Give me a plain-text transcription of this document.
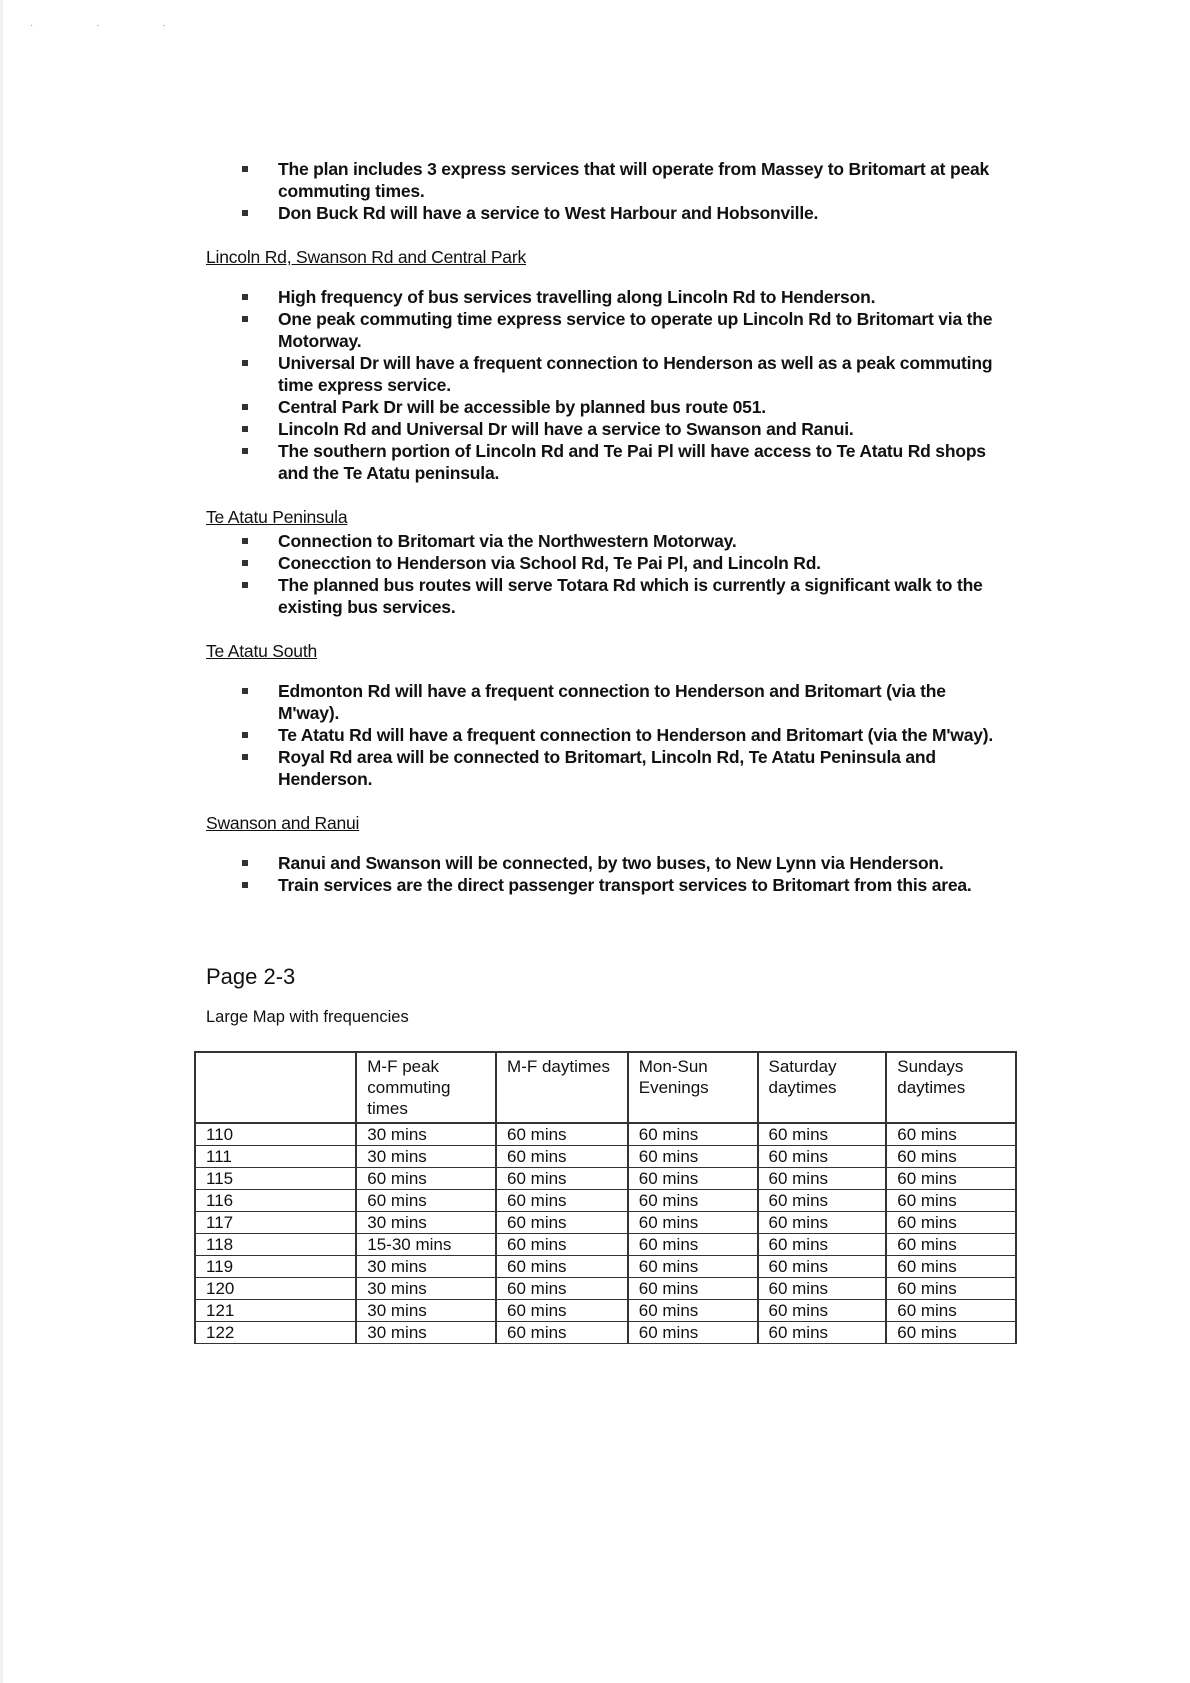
· · ·
The plan includes 3 express services that will operate from Massey to Britomart at peak commuting times.
Don Buck Rd will have a service to West Harbour and Hobsonville.
Lincoln Rd, Swanson Rd and Central Park
High frequency of bus services travelling along Lincoln Rd to Henderson.
One peak commuting time express service to operate up Lincoln Rd to Britomart via the Motorway.
Universal Dr will have a frequent connection to Henderson as well as a peak commuting time express service.
Central Park Dr will be accessible by planned bus route 051.
Lincoln Rd and Universal Dr will have a service to Swanson and Ranui.
The southern portion of Lincoln Rd and Te Pai Pl will have access to Te Atatu Rd shops and the Te Atatu peninsula.
Te Atatu Peninsula
Connection to Britomart via the Northwestern Motorway.
Conecction to Henderson via School Rd, Te Pai Pl, and Lincoln Rd.
The planned bus routes will serve Totara Rd which is currently a significant walk to the existing bus services.
Te Atatu South
Edmonton Rd will have a frequent connection to Henderson and Britomart (via the M'way).
Te Atatu Rd will have a frequent connection to Henderson and Britomart (via the M'way).
Royal Rd area will be connected to Britomart, Lincoln Rd, Te Atatu Peninsula and Henderson.
Swanson and Ranui
Ranui and Swanson will be connected, by two buses, to New Lynn via Henderson.
Train services are the direct passenger transport services to Britomart from this area.
Page 2-3
Large Map with frequencies
	M-F peak commuting times	M-F daytimes	Mon-Sun Evenings	Saturday daytimes	Sundays daytimes
110	30 mins	60 mins	60 mins	60 mins	60 mins
111	30 mins	60 mins	60 mins	60 mins	60 mins
115	60 mins	60 mins	60 mins	60 mins	60 mins
116	60 mins	60 mins	60 mins	60 mins	60 mins
117	30 mins	60 mins	60 mins	60 mins	60 mins
118	15-30 mins	60 mins	60 mins	60 mins	60 mins
119	30 mins	60 mins	60 mins	60 mins	60 mins
120	30 mins	60 mins	60 mins	60 mins	60 mins
121	30 mins	60 mins	60 mins	60 mins	60 mins
122	30 mins	60 mins	60 mins	60 mins	60 mins
